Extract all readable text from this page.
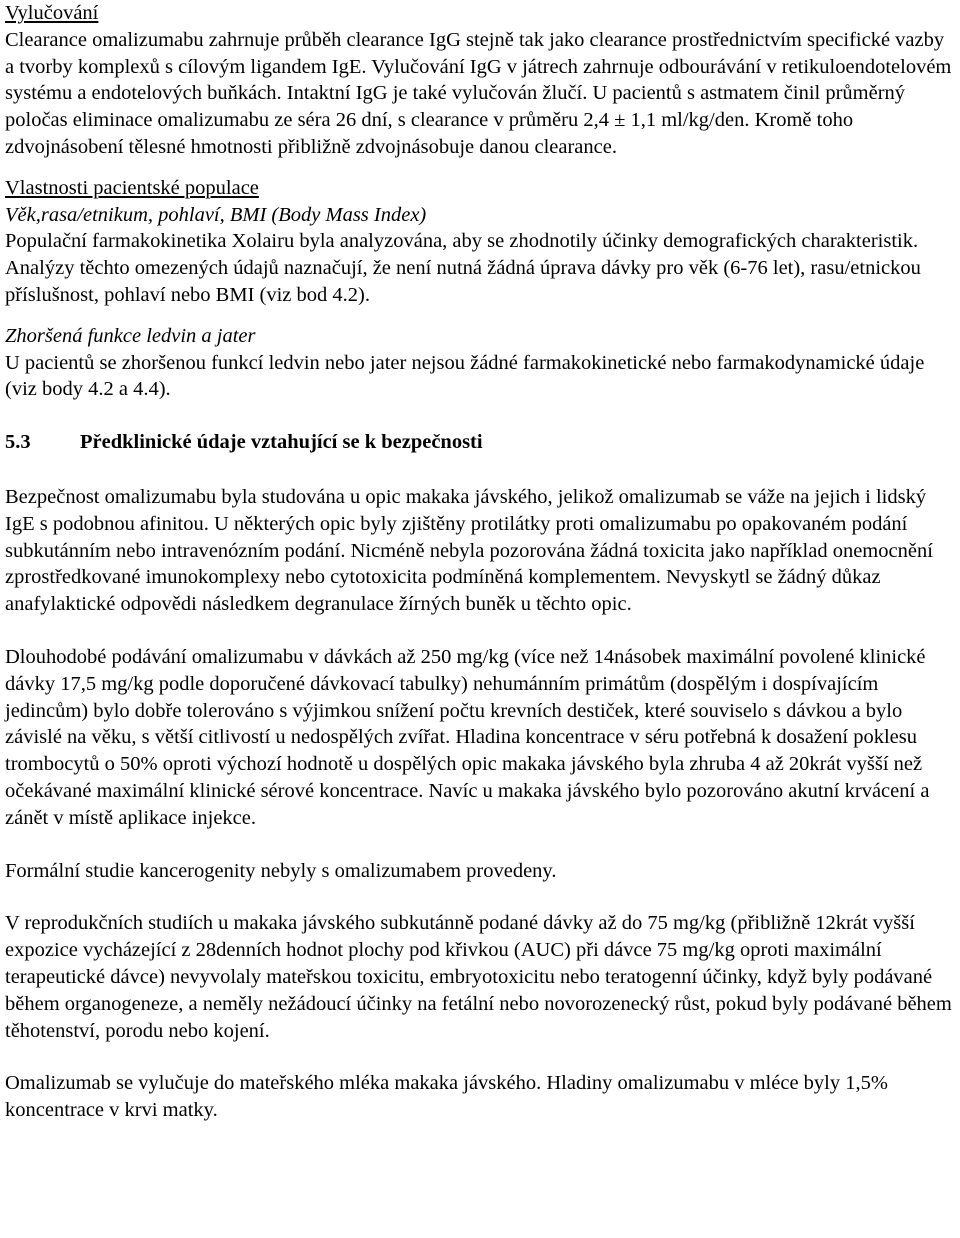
Vylučování

Clearance omalizumabu zahrnuje průběh clearance IgG stejně tak jako clearance prostřednictvím specifické vazby a tvorby komplexů s cílovým ligandem IgE. Vylučování IgG v játrech zahrnuje odbourávání v retikuloendotelovém systému a endotelových buňkách. Intaktní IgG je také vylučován žlučí. U pacientů s astmatem činil průměrný poločas eliminace omalizumabu ze séra 26 dní, s clearance v průměru 2,4 ± 1,1 ml/kg/den. Kromě toho zdvojnásobení tělesné hmotnosti přibližně zdvojnásobuje danou clearance.

Vlastnosti pacientské populace

Věk,rasa/etnikum, pohlaví, BMI (Body Mass Index)

Populační farmakokinetika Xolairu byla analyzována, aby se zhodnotily účinky demografických charakteristik. Analýzy těchto omezených údajů naznačují, že není nutná žádná úprava dávky pro věk (6-76 let), rasu/etnickou příslušnost, pohlaví nebo BMI (viz bod 4.2).

Zhoršená funkce ledvin a jater

U pacientů se zhoršenou funkcí ledvin nebo jater nejsou žádné farmakokinetické nebo farmakodynamické údaje (viz body 4.2 a 4.4).

5.3	Předklinické údaje vztahující se k bezpečnosti

Bezpečnost omalizumabu byla studována u opic makaka jávského, jelikož omalizumab se váže na jejich i lidský IgE s podobnou afinitou. U některých opic byly zjištěny protilátky proti omalizumabu po opakovaném podání subkutánním nebo intravenózním podání. Nicméně nebyla pozorována žádná toxicita jako například onemocnění zprostředkované imunokomplexy nebo cytotoxicita podmíněná komplementem. Nevyskytl se žádný důkaz anafylaktické odpovědi následkem degranulace žírných buněk u těchto opic.

Dlouhodobé podávání omalizumabu v dávkách až 250 mg/kg (více než 14násobek maximální povolené klinické dávky 17,5 mg/kg podle doporučené dávkovací tabulky) nehumánním primátům (dospělým i dospívajícím jedincům) bylo dobře tolerováno s výjimkou snížení počtu krevních destiček, které souviselo s dávkou a bylo závislé na věku, s větší citlivostí u nedospělých zvířat. Hladina koncentrace v séru potřebná k dosažení poklesu trombocytů o 50% oproti výchozí hodnotě u dospělých opic makaka jávského byla zhruba 4 až 20krát vyšší než očekávané maximální klinické sérové koncentrace. Navíc u makaka jávského bylo pozorováno akutní krvácení a zánět v místě aplikace injekce.

Formální studie kancerogenity nebyly s omalizumabem provedeny.

V reprodukčních studiích u makaka jávského subkutánně podané dávky až do 75 mg/kg (přibližně 12krát vyšší expozice vycházející z 28denních hodnot plochy pod křivkou (AUC) při dávce 75 mg/kg oproti maximální terapeutické dávce) nevyvolaly mateřskou toxicitu, embryotoxicitu nebo teratogenní účinky, když byly podávané během organogeneze, a neměly nežádoucí účinky na fetální nebo novorozenecký růst, pokud byly podávané během těhotenství, porodu nebo kojení.

Omalizumab se vylučuje do mateřského mléka makaka jávského. Hladiny omalizumabu v mléce byly 1,5% koncentrace v krvi matky.
